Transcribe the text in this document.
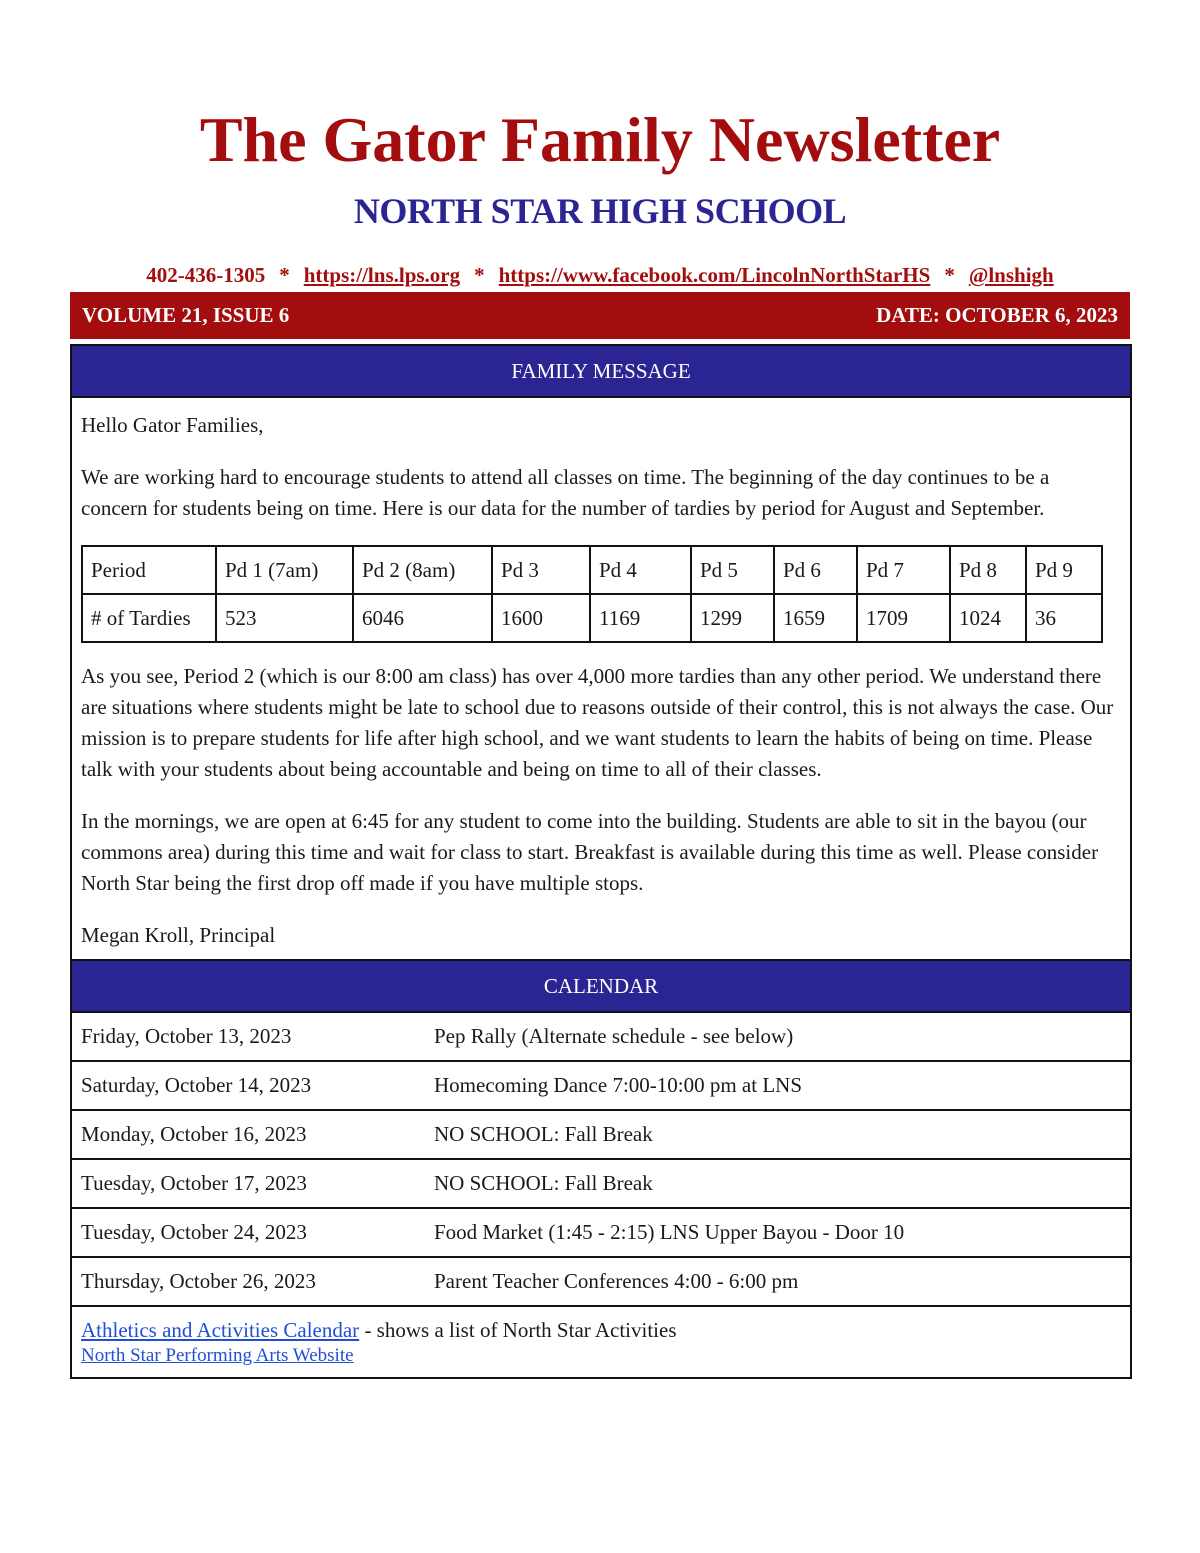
The Gator Family Newsletter
NORTH STAR HIGH SCHOOL
402-436-1305 * https://lns.lps.org * https://www.facebook.com/LincolnNorthStarHS * @lnshigh
VOLUME 21, ISSUE 6	DATE: OCTOBER 6, 2023
FAMILY MESSAGE

Hello Gator Families,

We are working hard to encourage students to attend all classes on time. The beginning of the day continues to be a concern for students being on time. Here is our data for the number of tardies by period for August and September.

Period	Pd 1 (7am)	Pd 2 (8am)	Pd 3	Pd 4	Pd 5	Pd 6	Pd 7	Pd 8	Pd 9
# of Tardies	523	6046	1600	1169	1299	1659	1709	1024	36

As you see, Period 2 (which is our 8:00 am class) has over 4,000 more tardies than any other period. We understand there are situations where students might be late to school due to reasons outside of their control, this is not always the case. Our mission is to prepare students for life after high school, and we want students to learn the habits of being on time. Please talk with your students about being accountable and being on time to all of their classes.

In the mornings, we are open at 6:45 for any student to come into the building. Students are able to sit in the bayou (our commons area) during this time and wait for class to start. Breakfast is available during this time as well. Please consider North Star being the first drop off made if you have multiple stops.

Megan Kroll, Principal

CALENDAR
Friday, October 13, 2023	Pep Rally (Alternate schedule - see below)
Saturday, October 14, 2023	Homecoming Dance 7:00-10:00 pm at LNS
Monday, October 16, 2023	NO SCHOOL: Fall Break
Tuesday, October 17, 2023	NO SCHOOL: Fall Break
Tuesday, October 24, 2023	Food Market (1:45 - 2:15) LNS Upper Bayou - Door 10
Thursday, October 26, 2023	Parent Teacher Conferences 4:00 - 6:00 pm
Athletics and Activities Calendar - shows a list of North Star Activities
North Star Performing Arts Website
